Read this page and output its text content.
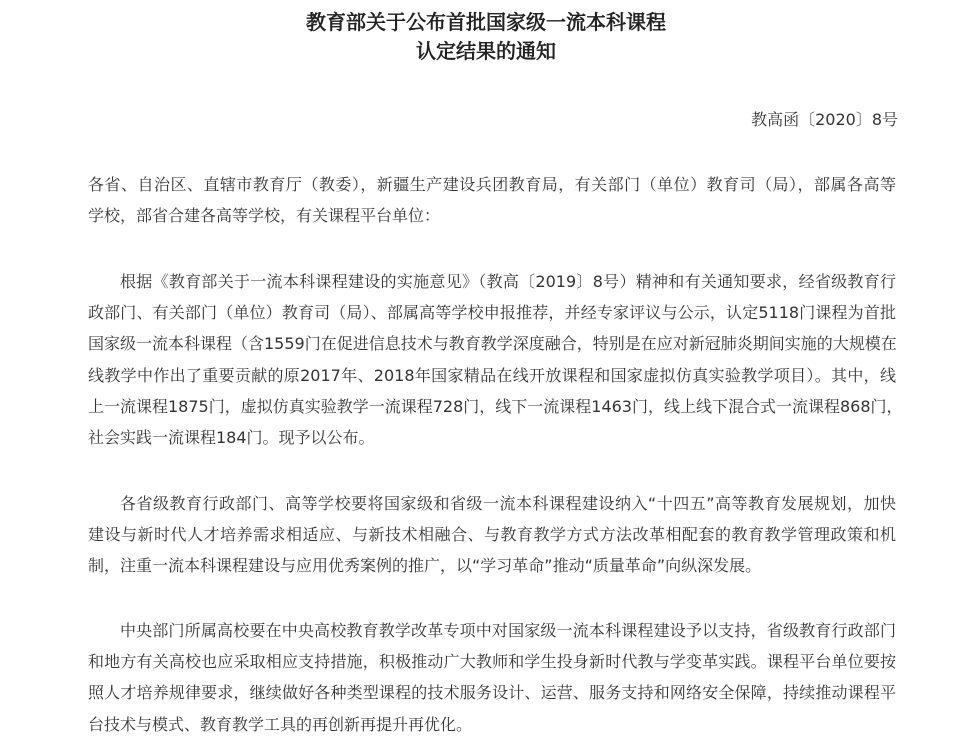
教育部关于公布首批国家级一流本科课程
认定结果的通知
教高函〔2020〕8号
各省、自治区、直辖市教育厅（教委），新疆生产建设兵团教育局，有关部门（单位）教育司（局），部属各高等
学校，部省合建各高等学校，有关课程平台单位：
根据《教育部关于一流本科课程建设的实施意见》（教高〔2019〕8号）精神和有关通知要求，经省级教育行
政部门、有关部门（单位）教育司（局）、部属高等学校申报推荐，并经专家评议与公示，认定5118门课程为首批
国家级一流本科课程（含1559门在促进信息技术与教育教学深度融合，特别是在应对新冠肺炎期间实施的大规模在
线教学中作出了重要贡献的原2017年、2018年国家精品在线开放课程和国家虚拟仿真实验教学项目）。其中，线
上一流课程1875门，虚拟仿真实验教学一流课程728门，线下一流课程1463门，线上线下混合式一流课程868门，
社会实践一流课程184门。现予以公布。
各省级教育行政部门、高等学校要将国家级和省级一流本科课程建设纳入“十四五”高等教育发展规划，加快
建设与新时代人才培养需求相适应、与新技术相融合、与教育教学方式方法改革相配套的教育教学管理政策和机
制，注重一流本科课程建设与应用优秀案例的推广，以“学习革命”推动“质量革命”向纵深发展。
中央部门所属高校要在中央高校教育教学改革专项中对国家级一流本科课程建设予以支持，省级教育行政部门
和地方有关高校也应采取相应支持措施，积极推动广大教师和学生投身新时代教与学变革实践。课程平台单位要按
照人才培养规律要求，继续做好各种类型课程的技术服务设计、运营、服务支持和网络安全保障，持续推动课程平
台技术与模式、教育教学工具的再创新再提升再优化。
